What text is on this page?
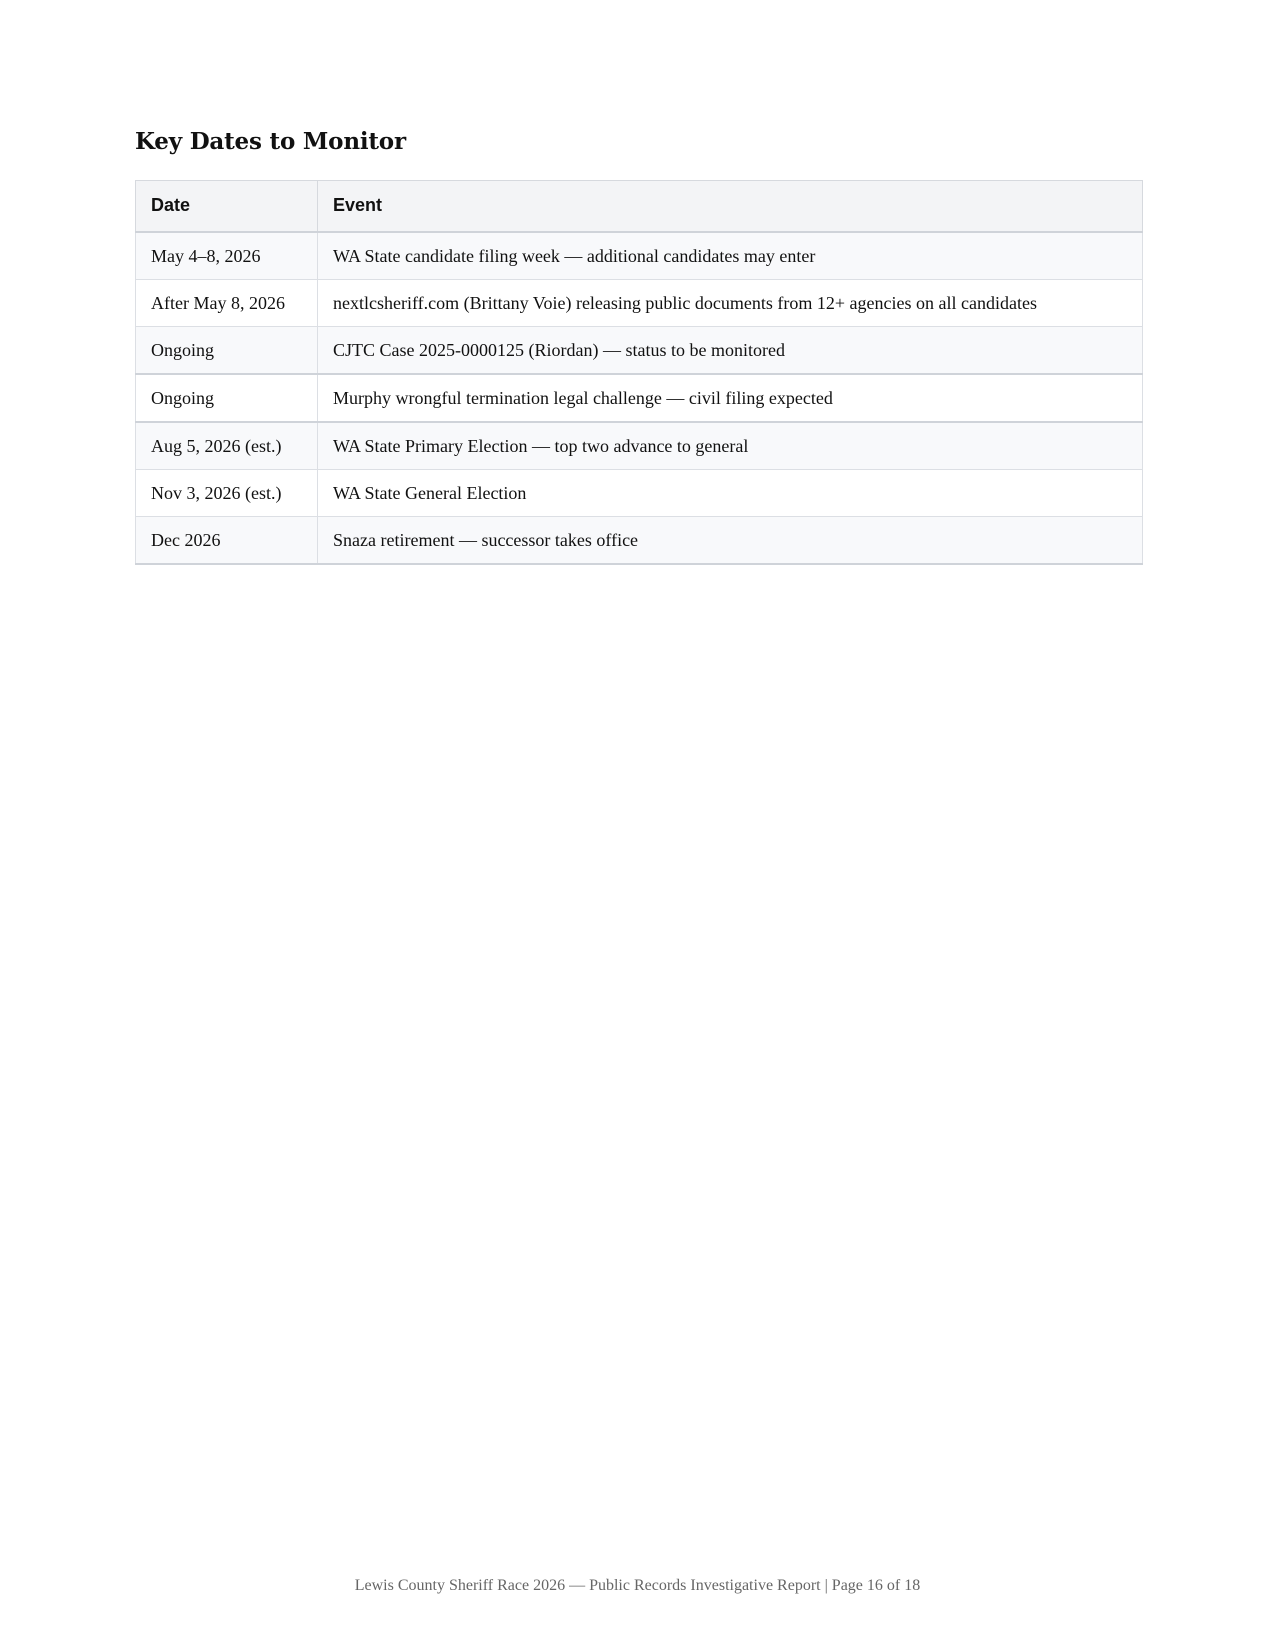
Key Dates to Monitor
Date	Event
May 4–8, 2026	WA State candidate filing week — additional candidates may enter
After May 8, 2026	nextlcsheriff.com (Brittany Voie) releasing public documents from 12+ agencies on all candidates
Ongoing	CJTC Case 2025-0000125 (Riordan) — status to be monitored
Ongoing	Murphy wrongful termination legal challenge — civil filing expected
Aug 5, 2026 (est.)	WA State Primary Election — top two advance to general
Nov 3, 2026 (est.)	WA State General Election
Dec 2026	Snaza retirement — successor takes office
Lewis County Sheriff Race 2026 — Public Records Investigative Report | Page 16 of 18
